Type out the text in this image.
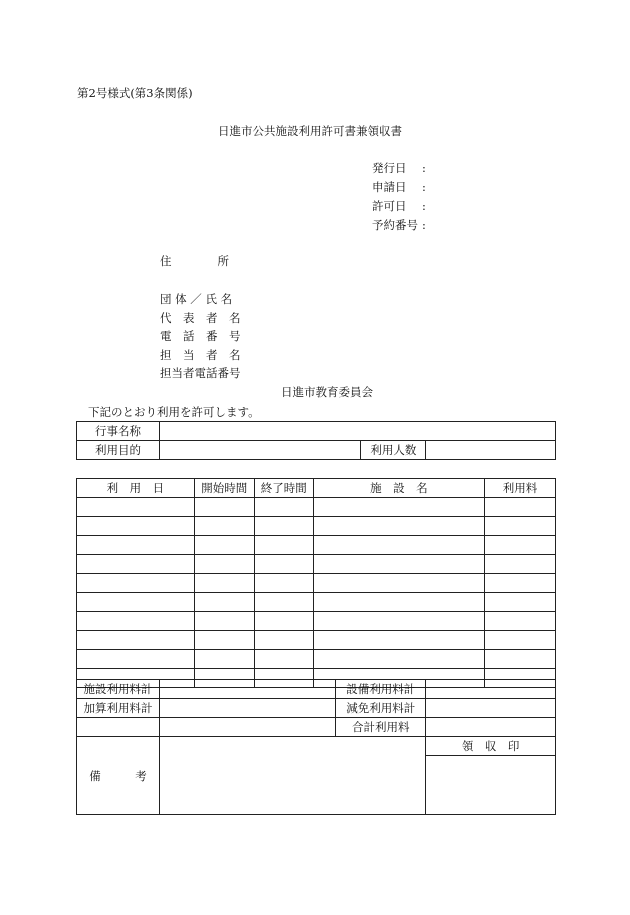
第2号様式(第3条関係)
日進市公共施設利用許可書兼領収書
発行日 :
申請日 :
許可日 :
予約番号 :
住　　　　所
団 体 ／ 氏 名
代　表　者　名
電　話　番　号
担　当　者　名
担当者電話番号
日進市教育委員会
下記のとおり利用を許可します。
行事名称			
利用目的		利用人数	
利　用　日	開始時間	終了時間	施　設　名	利用料

施設利用料計		設備利用料計	
加算利用料計		減免利用料計	
		合計利用料	
備　　　考			領　収　印
